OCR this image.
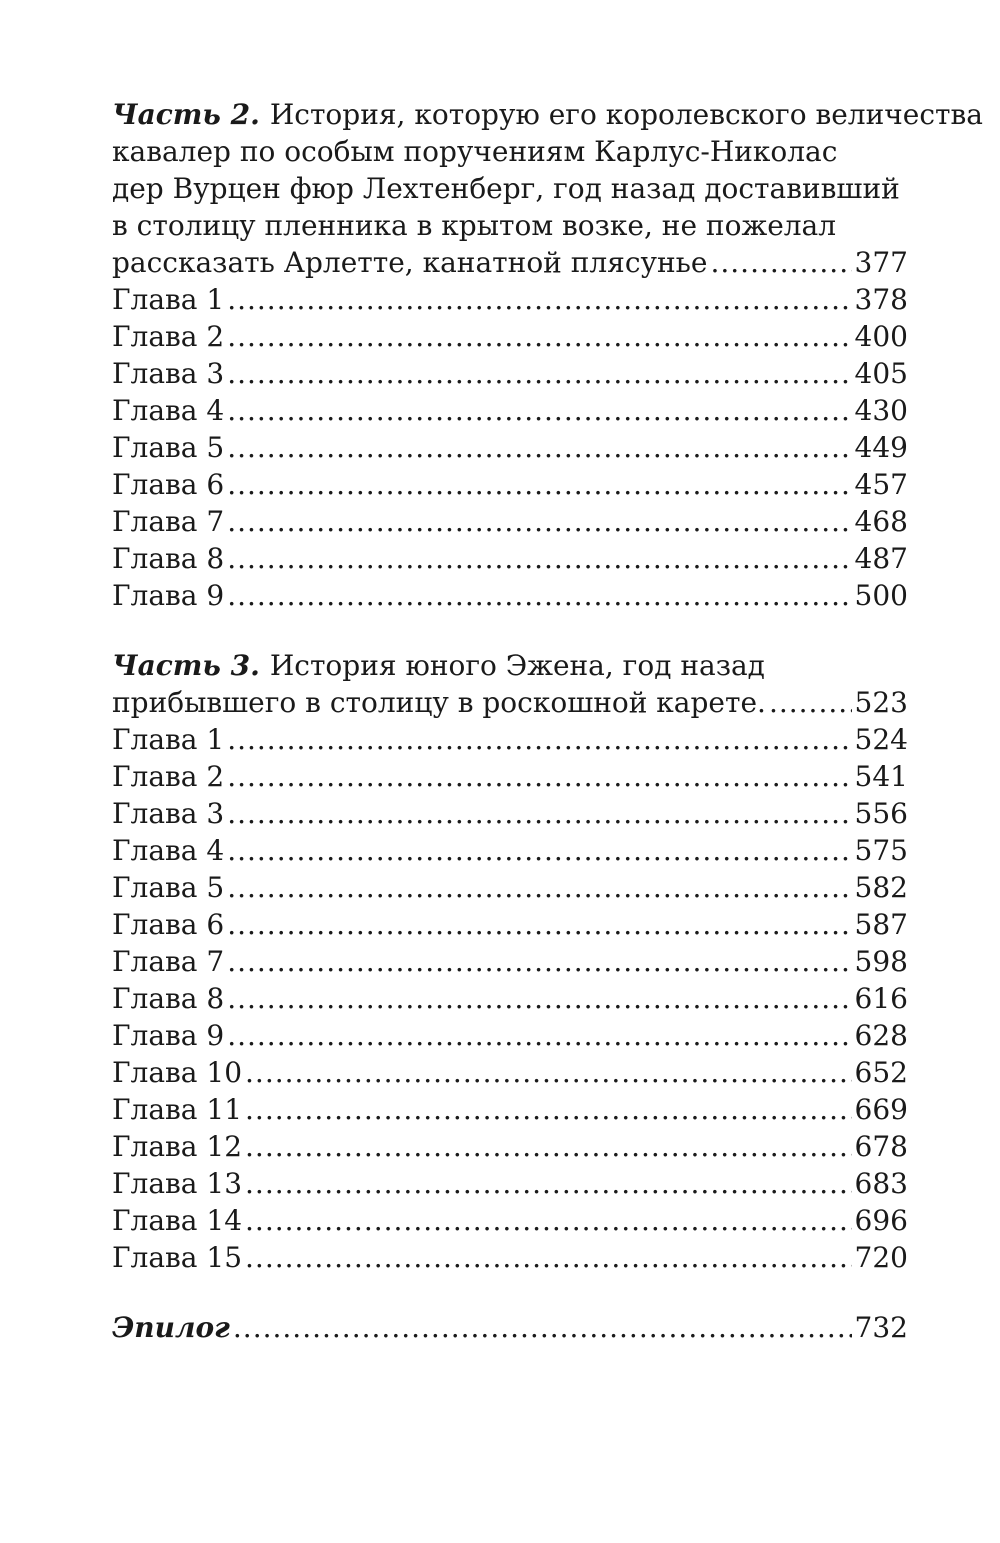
Часть 2. История, которую его королевского величества
кавалер по особым поручениям Карлус-Николас
дер Вурцен фюр Лехтенберг, год назад доставивший
в столицу пленника в крытом возке, не пожелал
рассказать Арлетте, канатной плясунье .....	377
Глава 1 .....	378
Глава 2 .....	400
Глава 3 .....	405
Глава 4 .....	430
Глава 5 .....	449
Глава 6 .....	457
Глава 7 .....	468
Глава 8 .....	487
Глава 9 .....	500
Часть 3. История юного Эжена, год назад
прибывшего в столицу в роскошной карете. .....	523
Глава 1 .....	524
Глава 2 .....	541
Глава 3 .....	556
Глава 4 .....	575
Глава 5 .....	582
Глава 6 .....	587
Глава 7 .....	598
Глава 8 .....	616
Глава 9 .....	628
Глава 10 .....	652
Глава 11 .....	669
Глава 12 .....	678
Глава 13 .....	683
Глава 14 .....	696
Глава 15 .....	720
Эпилог .....	732
